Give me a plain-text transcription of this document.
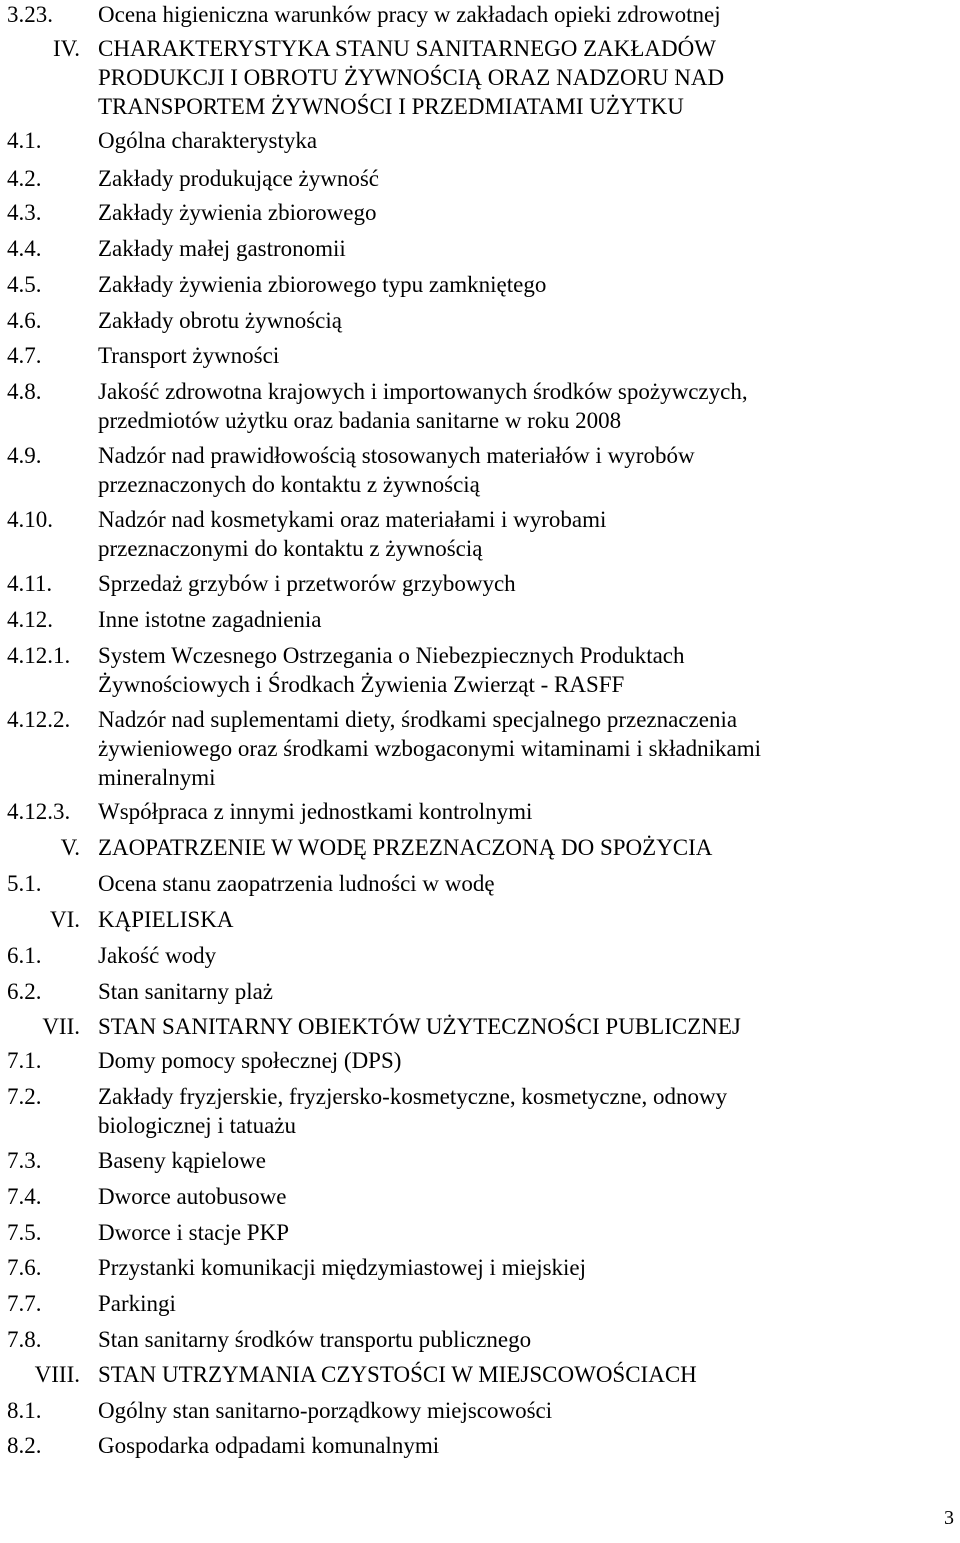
3.23.	Ocena higieniczna warunków pracy w zakładach opieki zdrowotnej
IV. CHARAKTERYSTYKA STANU SANITARNEGO ZAKŁADÓW
PRODUKCJI I OBROTU ŻYWNOŚCIĄ ORAZ NADZORU NAD
TRANSPORTEM ŻYWNOŚCI I PRZEDMIATAMI UŻYTKU
4.1.	Ogólna charakterystyka
4.2.	Zakłady produkujące żywność
4.3.	Zakłady żywienia zbiorowego
4.4.	Zakłady małej gastronomii
4.5.	Zakłady żywienia zbiorowego typu zamkniętego
4.6.	Zakłady obrotu żywnością
4.7.	Transport żywności
4.8.	Jakość zdrowotna krajowych i importowanych środków spożywczych,
przedmiotów użytku oraz badania sanitarne w roku 2008
4.9.	Nadzór nad prawidłowością stosowanych materiałów i wyrobów
przeznaczonych do kontaktu z żywnością
4.10.	Nadzór nad kosmetykami oraz materiałami i wyrobami
przeznaczonymi do kontaktu z żywnością
4.11.	Sprzedaż grzybów i przetworów grzybowych
4.12.	Inne istotne zagadnienia
4.12.1.	System Wczesnego Ostrzegania o Niebezpiecznych Produktach
Żywnościowych i Środkach Żywienia Zwierząt - RASFF
4.12.2.	Nadzór nad suplementami diety, środkami specjalnego przeznaczenia
żywieniowego oraz środkami wzbogaconymi witaminami i składnikami
mineralnymi
4.12.3.	Współpraca z innymi jednostkami kontrolnymi
V. ZAOPATRZENIE W WODĘ PRZEZNACZONĄ DO SPOŻYCIA
5.1.	Ocena stanu zaopatrzenia ludności w wodę
VI. KĄPIELISKA
6.1.	Jakość wody
6.2.	Stan sanitarny plaż
VII. STAN SANITARNY OBIEKTÓW UŻYTECZNOŚCI PUBLICZNEJ
7.1.	Domy pomocy społecznej (DPS)
7.2.	Zakłady fryzjerskie, fryzjersko-kosmetyczne, kosmetyczne, odnowy
biologicznej i tatuażu
7.3.	Baseny kąpielowe
7.4.	Dworce autobusowe
7.5.	Dworce i stacje PKP
7.6.	Przystanki komunikacji międzymiastowej i miejskiej
7.7.	Parkingi
7.8.	Stan sanitarny środków transportu publicznego
VIII. STAN UTRZYMANIA CZYSTOŚCI W MIEJSCOWOŚCIACH
8.1.	Ogólny stan sanitarno-porządkowy miejscowości
8.2.	Gospodarka odpadami komunalnymi
3
